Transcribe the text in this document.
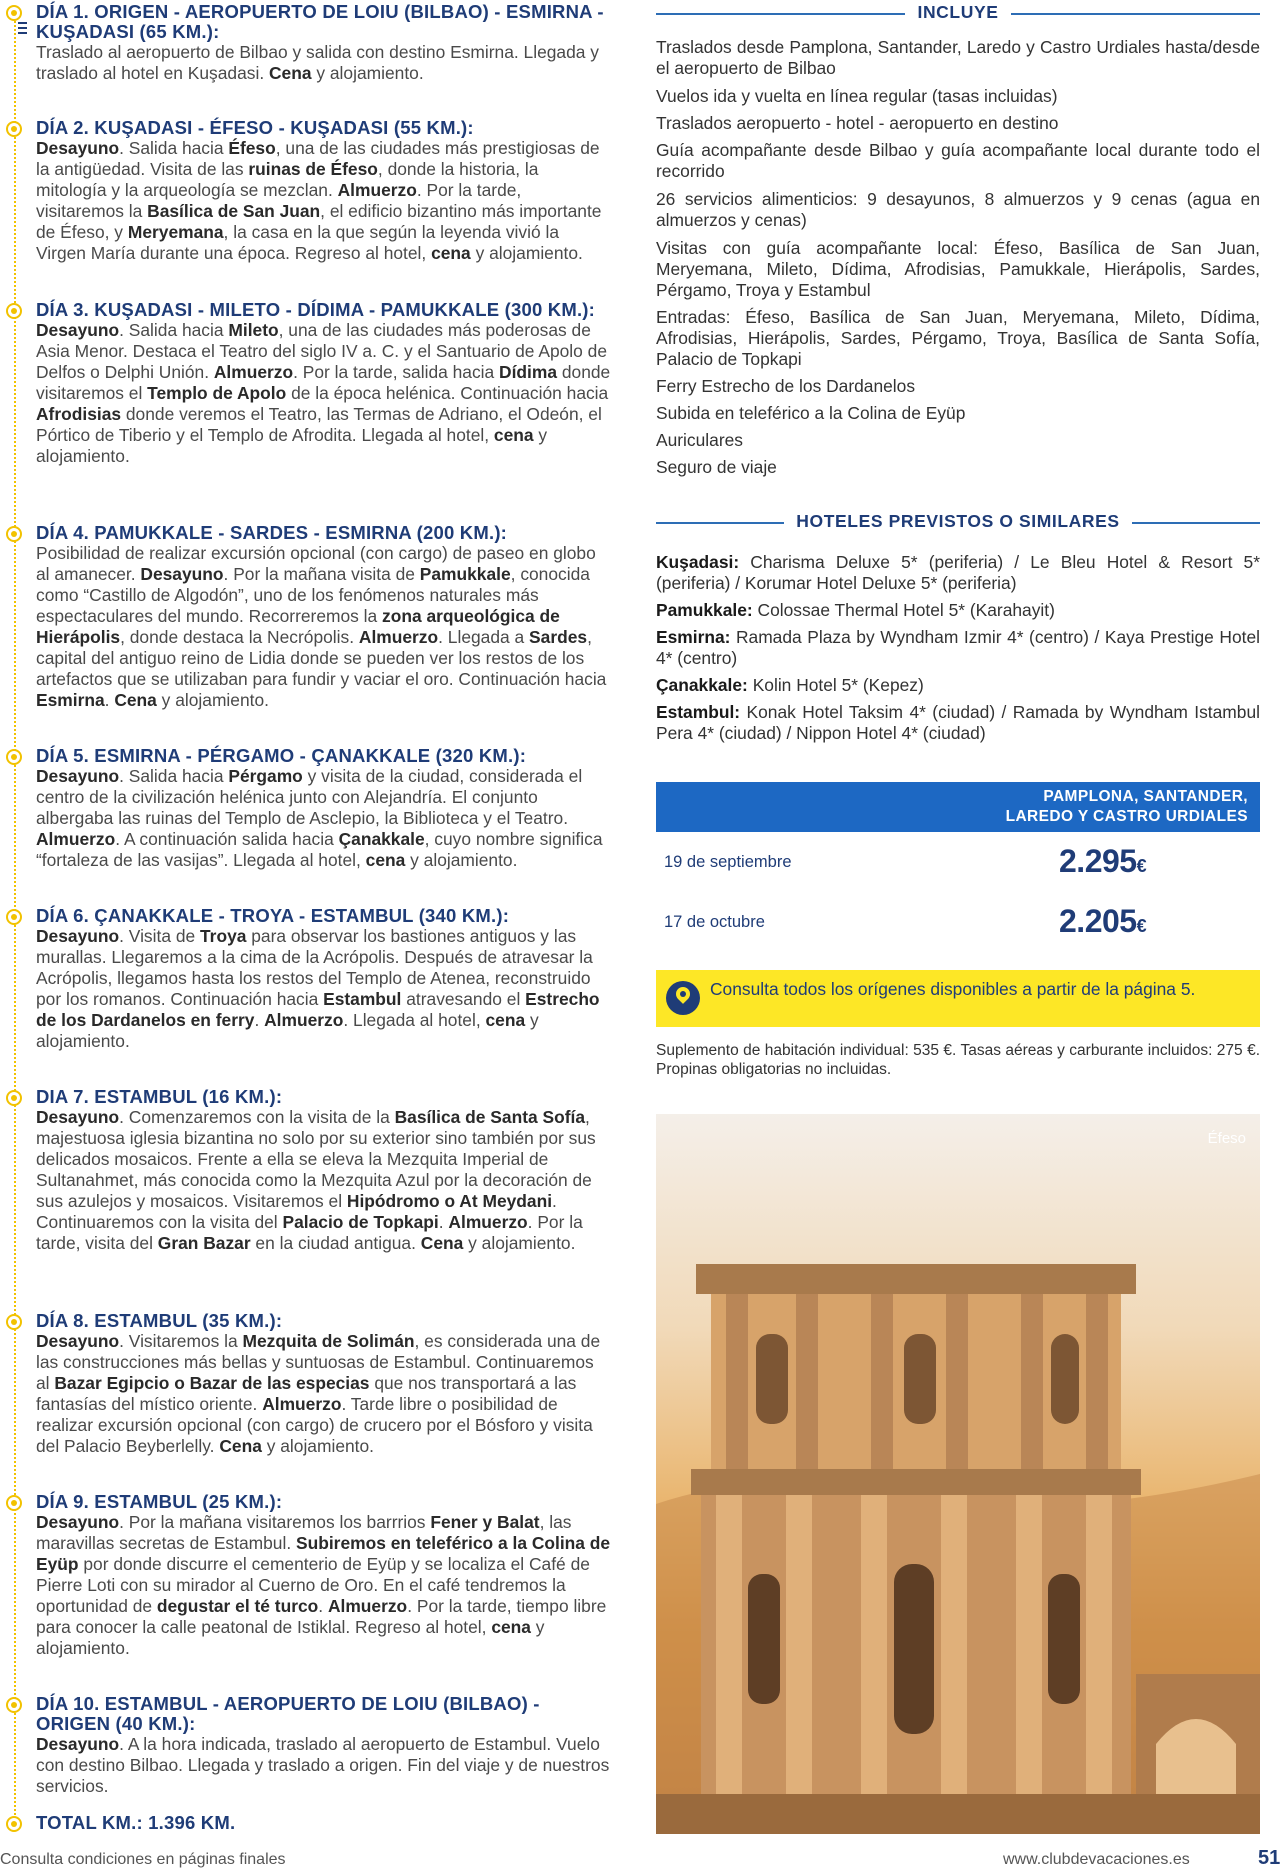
DÍA 1. ORIGEN - AEROPUERTO DE LOIU (BILBAO) - ESMIRNA - KUŞADASI (65 KM.):

Traslado al aeropuerto de Bilbao y salida con destino Esmirna. Llegada y traslado al hotel en Kuşadasi. Cena y alojamiento.

DÍA 2. KUŞADASI - ÉFESO - KUŞADASI (55 KM.):

Desayuno. Salida hacia Éfeso, una de las ciudades más prestigiosas de la antigüedad. Visita de las ruinas de Éfeso, donde la historia, la mitología y la arqueología se mezclan. Almuerzo. Por la tarde, visitaremos la Basílica de San Juan, el edificio bizantino más importante de Éfeso, y Meryemana, la casa en la que según la leyenda vivió la Virgen María durante una época. Regreso al hotel, cena y alojamiento.

DÍA 3. KUŞADASI - MILETO - DÍDIMA - PAMUKKALE (300 KM.):

Desayuno. Salida hacia Mileto, una de las ciudades más poderosas de Asia Menor. Destaca el Teatro del siglo IV a. C. y el Santuario de Apolo de Delfos o Delphi Unión. Almuerzo. Por la tarde, salida hacia Dídima donde visitaremos el Templo de Apolo de la época helénica. Continuación hacia Afrodisias donde veremos el Teatro, las Termas de Adriano, el Odeón, el Pórtico de Tiberio y el Templo de Afrodita. Llegada al hotel, cena y alojamiento.

DÍA 4. PAMUKKALE - SARDES - ESMIRNA (200 KM.):

Posibilidad de realizar excursión opcional (con cargo) de paseo en globo al amanecer. Desayuno. Por la mañana visita de Pamukkale, conocida como “Castillo de Algodón”, uno de los fenómenos naturales más espectaculares del mundo. Recorreremos la zona arqueológica de Hierápolis, donde destaca la Necrópolis. Almuerzo. Llegada a Sardes, capital del antiguo reino de Lidia donde se pueden ver los restos de los artefactos que se utilizaban para fundir y vaciar el oro. Continuación hacia Esmirna. Cena y alojamiento.

DÍA 5. ESMIRNA - PÉRGAMO - ÇANAKKALE (320 KM.):

Desayuno. Salida hacia Pérgamo y visita de la ciudad, considerada el centro de la civilización helénica junto con Alejandría. El conjunto albergaba las ruinas del Templo de Asclepio, la Biblioteca y el Teatro. Almuerzo. A continuación salida hacia Çanakkale, cuyo nombre significa “fortaleza de las vasijas”. Llegada al hotel, cena y alojamiento.

DÍA 6. ÇANAKKALE - TROYA - ESTAMBUL (340 KM.):

Desayuno. Visita de Troya para observar los bastiones antiguos y las murallas. Llegaremos a la cima de la Acrópolis. Después de atravesar la Acrópolis, llegamos hasta los restos del Templo de Atenea, reconstruido por los romanos. Continuación hacia Estambul atravesando el Estrecho de los Dardanelos en ferry. Almuerzo. Llegada al hotel, cena y alojamiento.

DIA 7. ESTAMBUL (16 KM.):

Desayuno. Comenzaremos con la visita de la Basílica de Santa Sofía, majestuosa iglesia bizantina no solo por su exterior sino también por sus delicados mosaicos. Frente a ella se eleva la Mezquita Imperial de Sultanahmet, más conocida como la Mezquita Azul por la decoración de sus azulejos y mosaicos. Visitaremos el Hipódromo o At Meydani. Continuaremos con la visita del Palacio de Topkapi. Almuerzo. Por la tarde, visita del Gran Bazar en la ciudad antigua. Cena y alojamiento.

DÍA 8. ESTAMBUL (35 KM.):

Desayuno. Visitaremos la Mezquita de Solimán, es considerada una de las construcciones más bellas y suntuosas de Estambul. Continuaremos al Bazar Egipcio o Bazar de las especias que nos transportará a las fantasías del místico oriente. Almuerzo. Tarde libre o posibilidad de realizar excursión opcional (con cargo) de crucero por el Bósforo y visita del Palacio Beyberlelly. Cena y alojamiento.

DÍA 9. ESTAMBUL (25 KM.):

Desayuno. Por la mañana visitaremos los barrrios Fener y Balat, las maravillas secretas de Estambul. Subiremos en teleférico a la Colina de Eyüp por donde discurre el cementerio de Eyüp y se localiza el Café de Pierre Loti con su mirador al Cuerno de Oro. En el café tendremos la oportunidad de degustar el té turco. Almuerzo. Por la tarde, tiempo libre para conocer la calle peatonal de Istiklal. Regreso al hotel, cena y alojamiento.

DÍA 10. ESTAMBUL - AEROPUERTO DE LOIU (BILBAO) - ORIGEN (40 KM.):

Desayuno. A la hora indicada, traslado al aeropuerto de Estambul. Vuelo con destino Bilbao. Llegada y traslado a origen. Fin del viaje y de nuestros servicios.

TOTAL KM.: 1.396 KM.
INCLUYE

Traslados desde Pamplona, Santander, Laredo y Castro Urdiales hasta/desde el aeropuerto de Bilbao

Vuelos ida y vuelta en línea regular (tasas incluidas)

Traslados aeropuerto - hotel - aeropuerto en destino

Guía acompañante desde Bilbao y guía acompañante local durante todo el recorrido

26 servicios alimenticios: 9 desayunos, 8 almuerzos y 9 cenas (agua en almuerzos y cenas)

Visitas con guía acompañante local: Éfeso, Basílica de San Juan, Meryemana, Mileto, Dídima, Afrodisias, Pamukkale, Hierápolis, Sardes, Pérgamo, Troya y Estambul

Entradas: Éfeso, Basílica de San Juan, Meryemana, Mileto, Dídima, Afrodisias, Hierápolis, Sardes, Pérgamo, Troya, Basílica de Santa Sofía, Palacio de Topkapi

Ferry Estrecho de los Dardanelos

Subida en teleférico a la Colina de Eyüp

Auriculares

Seguro de viaje

HOTELES PREVISTOS O SIMILARES

Kuşadasi: Charisma Deluxe 5* (periferia) / Le Bleu Hotel & Resort 5* (periferia) / Korumar Hotel Deluxe 5* (periferia)

Pamukkale: Colossae Thermal Hotel 5* (Karahayit)

Esmirna: Ramada Plaza by Wyndham Izmir 4* (centro) / Kaya Prestige Hotel 4* (centro)

Çanakkale: Kolin Hotel 5* (Kepez)

Estambul: Konak Hotel Taksim 4* (ciudad) / Ramada by Wyndham Istambul Pera 4* (ciudad) / Nippon Hotel 4* (ciudad)

PAMPLONA, SANTANDER,
LAREDO Y CASTRO URDIALES
19 de septiembre	2.295€
17 de octubre	2.205€
Consulta todos los orígenes disponibles a partir de la página 5.
Suplemento de habitación individual: 535 €. Tasas aéreas y carburante incluidos: 275 €. Propinas obligatorias no incluidas.
Éfeso
Consulta condiciones en páginas finales	www.clubdevacaciones.es	51
